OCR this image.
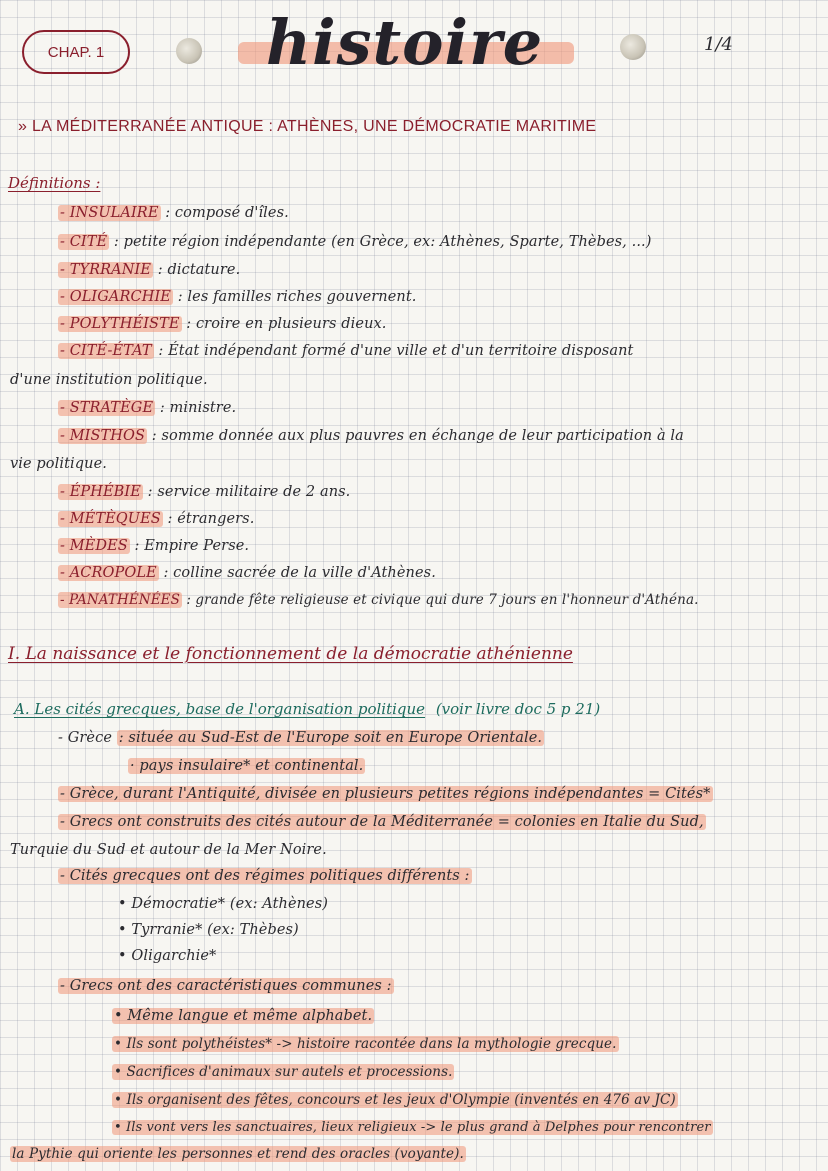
CHAP. 1	histoire	1/4
» LA MÉDITERRANÉE ANTIQUE : ATHÈNES, UNE DÉMOCRATIE MARITIME
Définitions :
- INSULAIRE : composé d'îles.
- CITÉ : petite région indépendante (en Grèce, ex: Athènes, Sparte, Thèbes, ...)
- TYRRANIE : dictature.
- OLIGARCHIE : les familles riches gouvernent.
- POLYTHÉISTE : croire en plusieurs dieux.
- CITÉ-ÉTAT : État indépendant formé d'une ville et d'un territoire disposant
d'une institution politique.
- STRATÈGE : ministre.
- MISTHOS : somme donnée aux plus pauvres en échange de leur participation à la
vie politique.
- ÉPHÉBIE : service militaire de 2 ans.
- MÉTÈQUES : étrangers.
- MÈDES : Empire Perse.
- ACROPOLE : colline sacrée de la ville d'Athènes.
- PANATHÉNÉES : grande fête religieuse et civique qui dure 7 jours en l'honneur d'Athéna.
I. La naissance et le fonctionnement de la démocratie athénienne
A. Les cités grecques, base de l'organisation politique (voir livre doc 5 p 21)
- Grèce : située au Sud-Est de l'Europe soit en Europe Orientale.
· pays insulaire* et continental.
- Grèce, durant l'Antiquité, divisée en plusieurs petites régions indépendantes = Cités*
- Grecs ont construits des cités autour de la Méditerranée = colonies en Italie du Sud,
Turquie du Sud et autour de la Mer Noire.
- Cités grecques ont des régimes politiques différents :
• Démocratie* (ex: Athènes)
• Tyrranie* (ex: Thèbes)
• Oligarchie*
- Grecs ont des caractéristiques communes :
• Même langue et même alphabet.
• Ils sont polythéistes* -> histoire racontée dans la mythologie grecque.
• Sacrifices d'animaux sur autels et processions.
• Ils organisent des fêtes, concours et les jeux d'Olympie (inventés en 476 av JC)
• Ils vont vers les sanctuaires, lieux religieux -> le plus grand à Delphes pour rencontrer
la Pythie qui oriente les personnes et rend des oracles (voyante).
